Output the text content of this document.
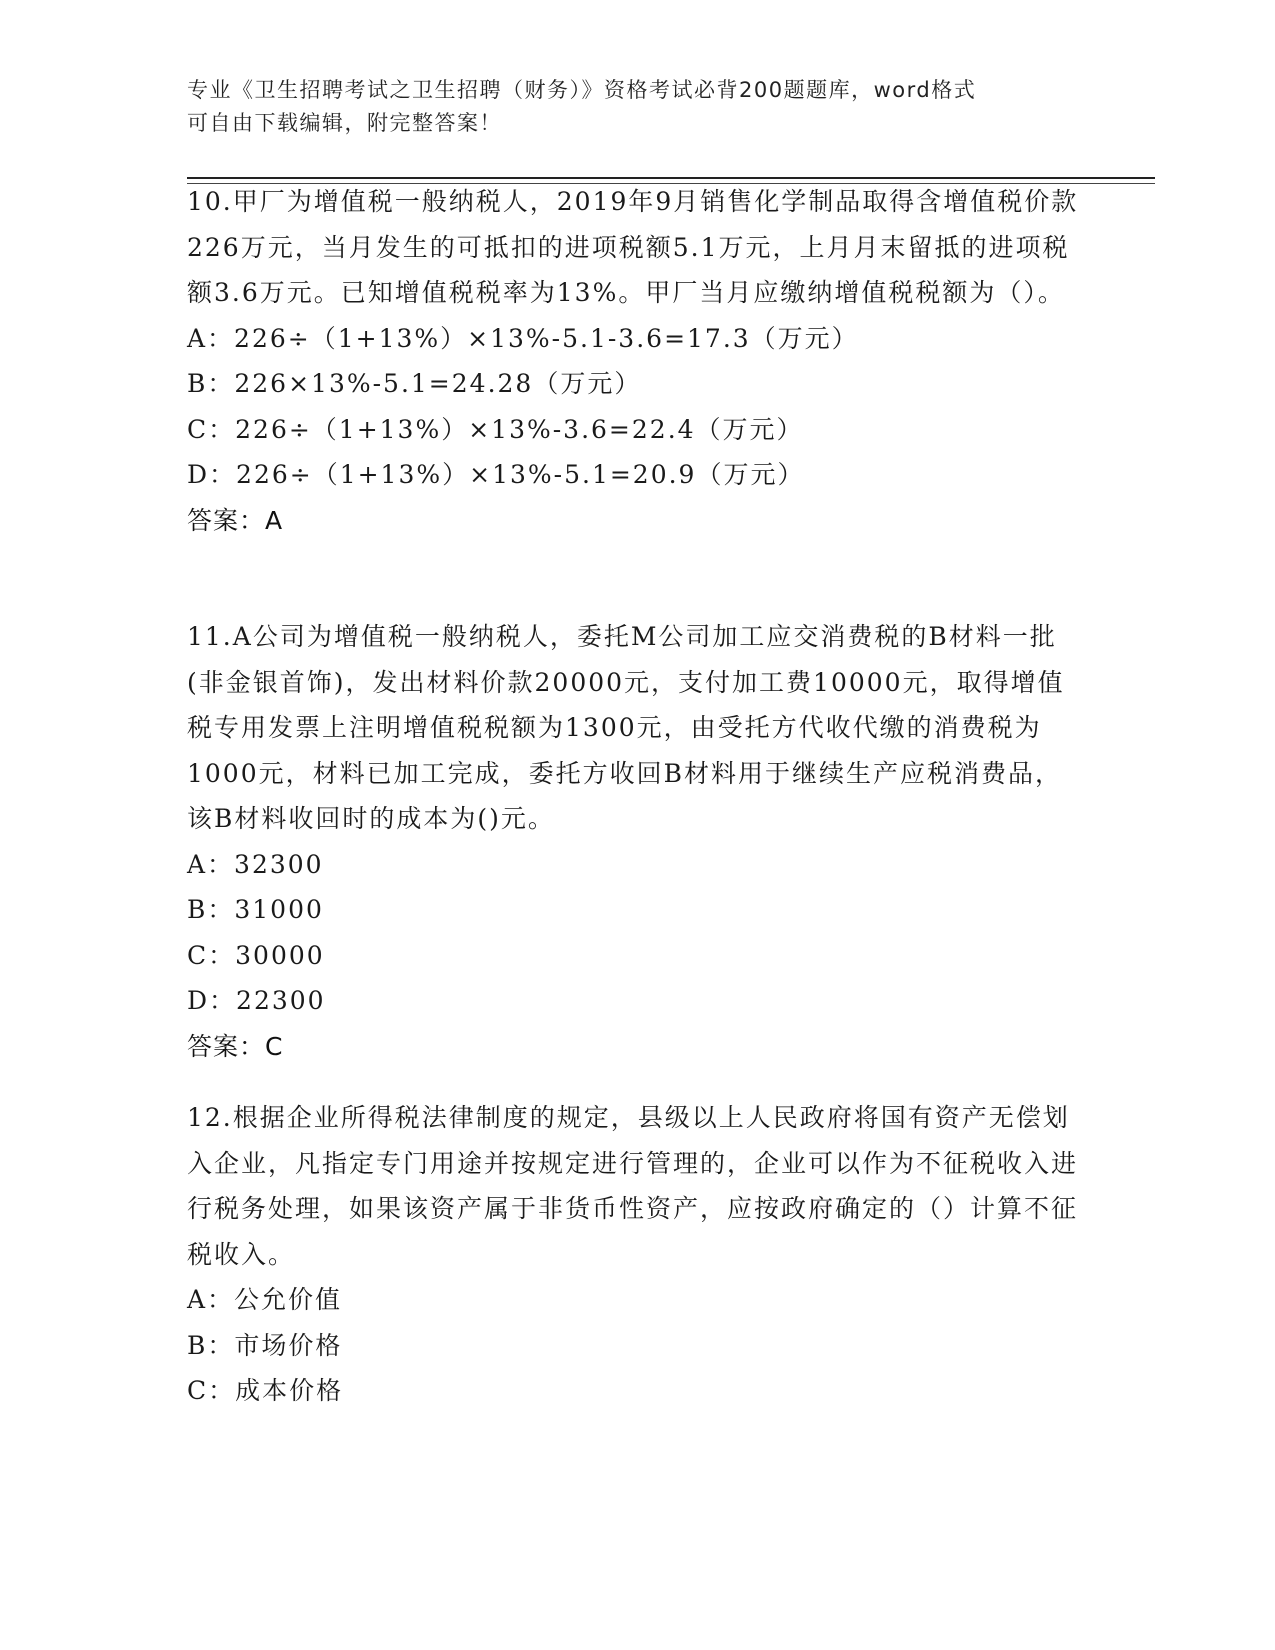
专业《卫生招聘考试之卫生招聘（财务）》资格考试必背200题题库，word格式
可自由下载编辑，附完整答案！
10.甲厂为增值税一般纳税人，2019年9月销售化学制品取得含增值税价款226万元，当月发生的可抵扣的进项税额5.1万元，上月月末留抵的进项税额3.6万元。已知增值税税率为13%。甲厂当月应缴纳增值税税额为（）。
A：226÷（1+13%）×13%-5.1-3.6=17.3（万元）
B：226×13%-5.1=24.28（万元）
C：226÷（1+13%）×13%-3.6=22.4（万元）
D：226÷（1+13%）×13%-5.1=20.9（万元）
答案：A
11.A公司为增值税一般纳税人，委托M公司加工应交消费税的B材料一批(非金银首饰)，发出材料价款20000元，支付加工费10000元，取得增值税专用发票上注明增值税税额为1300元，由受托方代收代缴的消费税为1000元，材料已加工完成，委托方收回B材料用于继续生产应税消费品，该B材料收回时的成本为()元。
A：32300
B：31000
C：30000
D：22300
答案：C
12.根据企业所得税法律制度的规定，县级以上人民政府将国有资产无偿划入企业，凡指定专门用途并按规定进行管理的，企业可以作为不征税收入进行税务处理，如果该资产属于非货币性资产，应按政府确定的（）计算不征税收入。
A：公允价值
B：市场价格
C：成本价格
